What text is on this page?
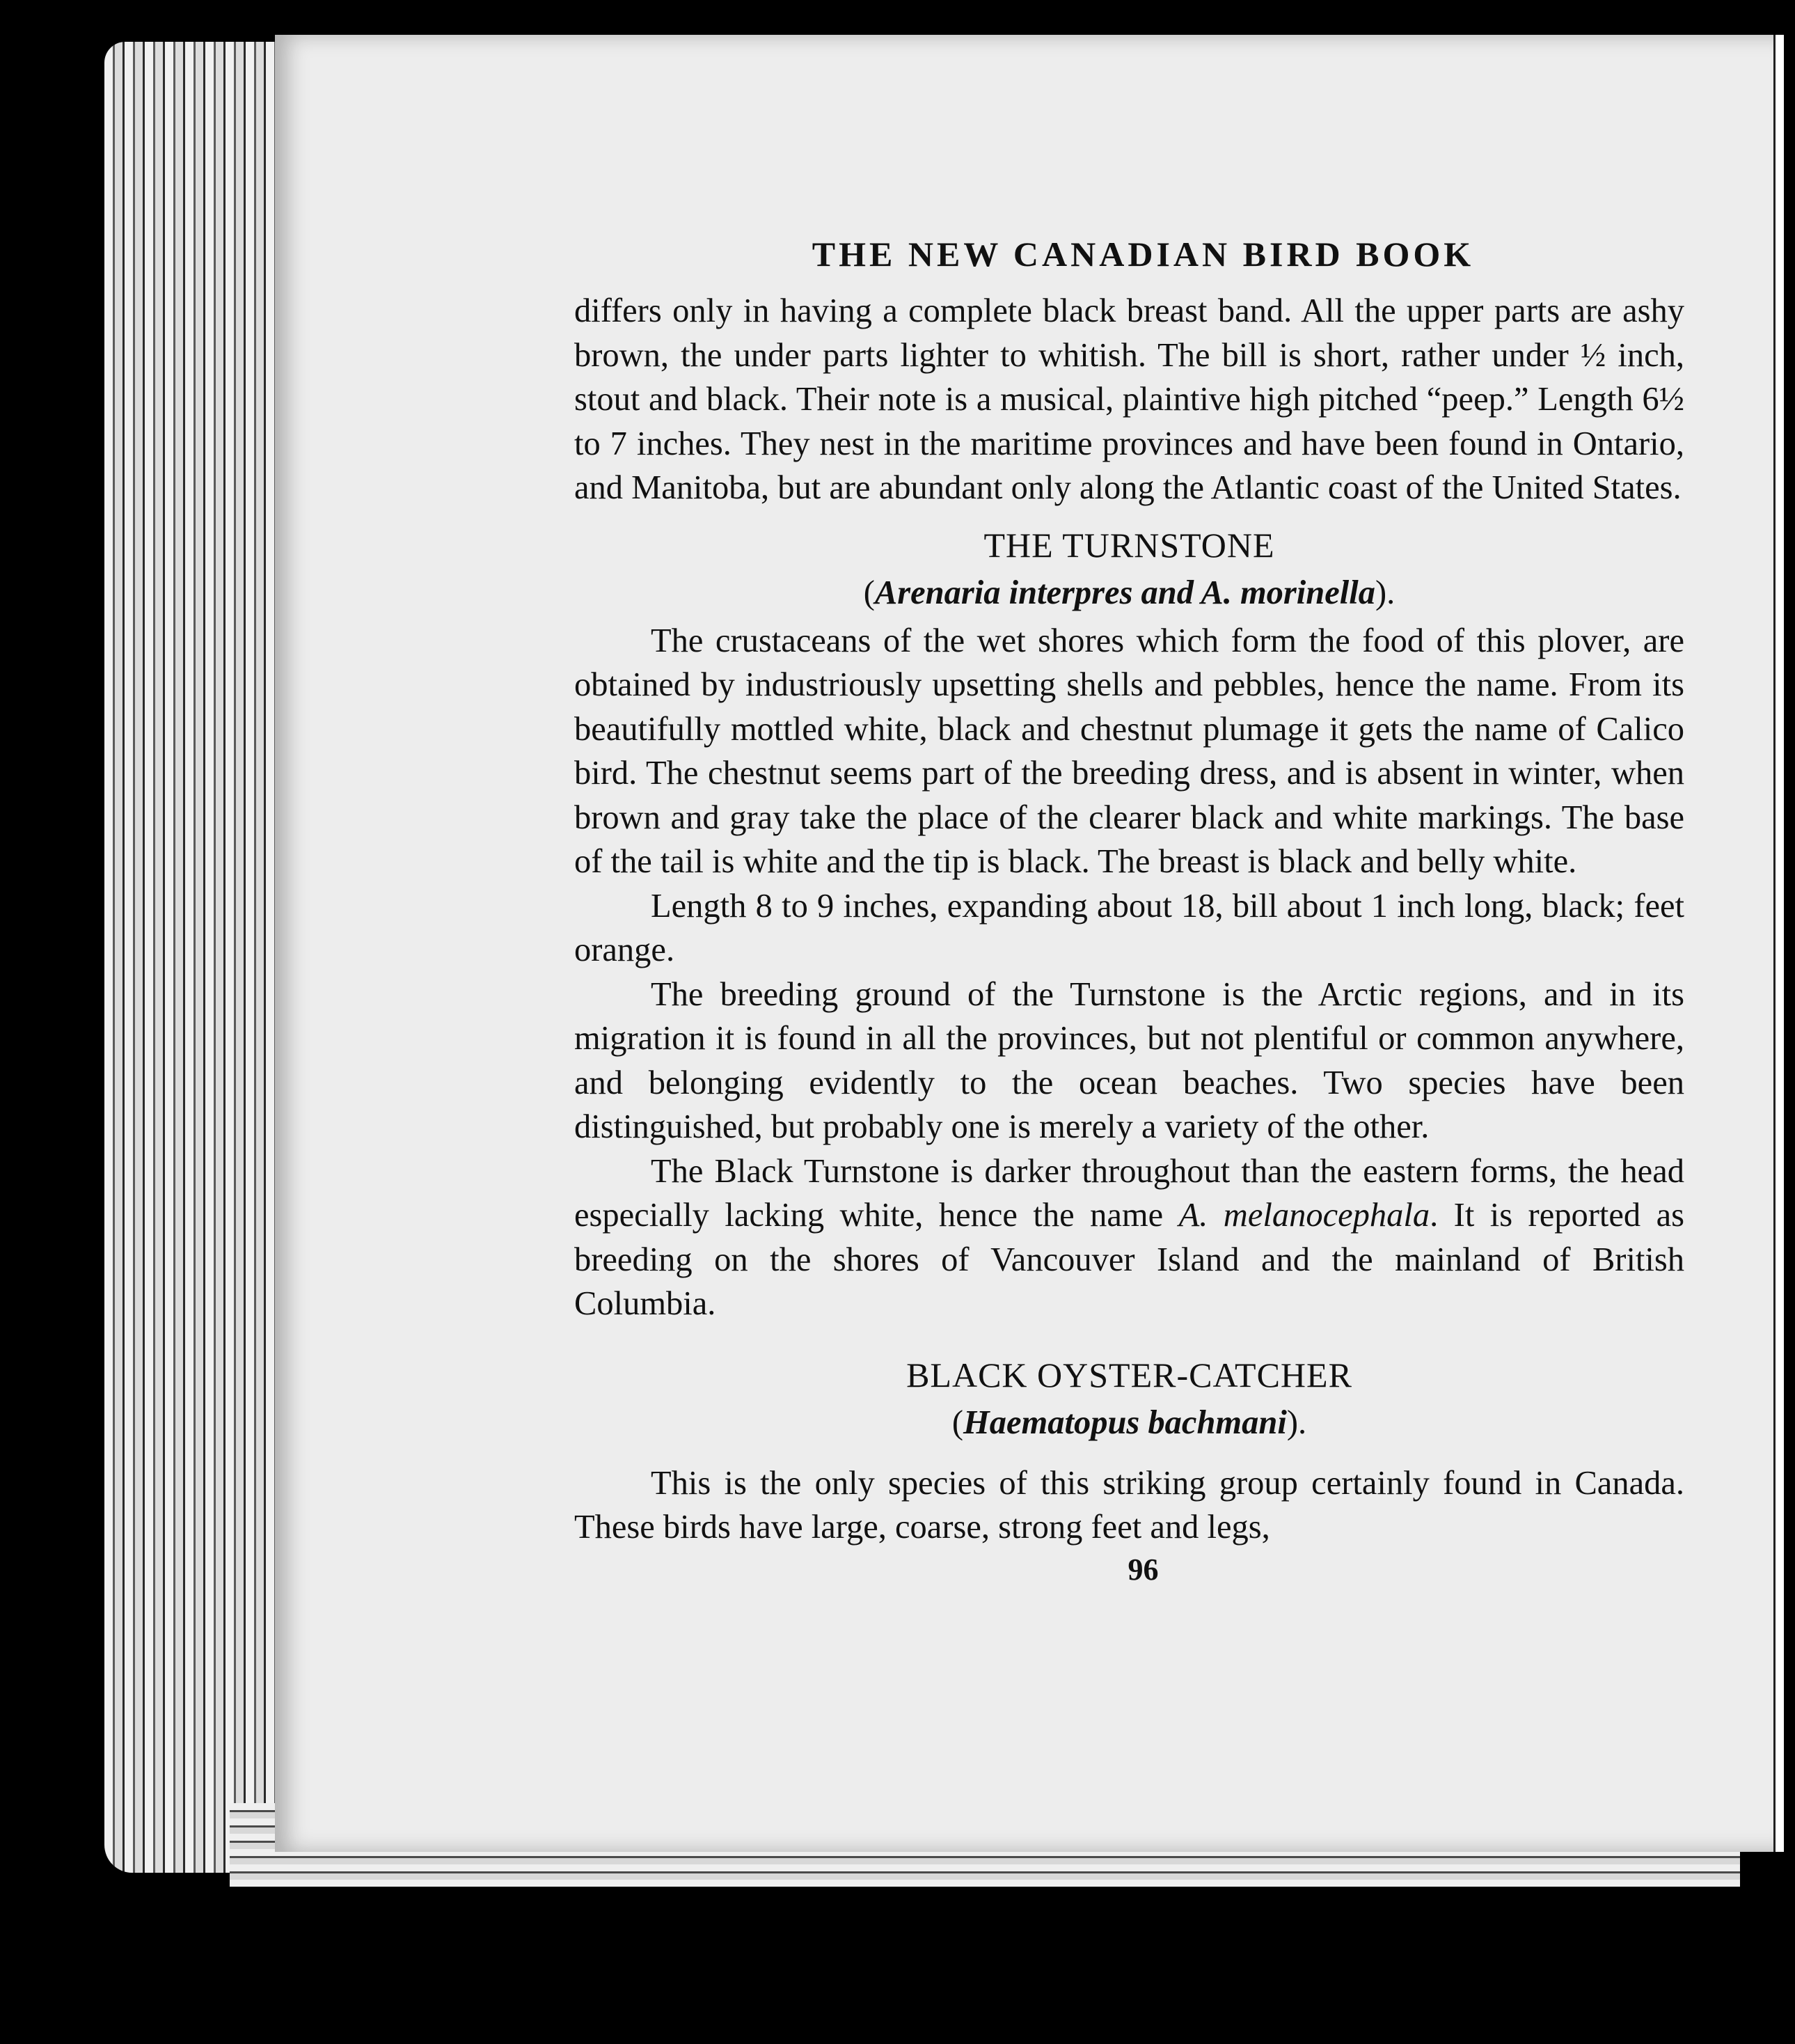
THE NEW CANADIAN BIRD BOOK

differs only in having a complete black breast band. All the upper parts are ashy brown, the under parts lighter to whitish. The bill is short, rather under ½ inch, stout and black. Their note is a musical, plaintive high pitched “peep.” Length 6½ to 7 inches. They nest in the maritime provinces and have been found in Ontario, and Manitoba, but are abundant only along the Atlantic coast of the United States.

THE TURNSTONE
(Arenaria interpres and A. morinella).

The crustaceans of the wet shores which form the food of this plover, are obtained by industriously upsetting shells and pebbles, hence the name. From its beautifully mottled white, black and chestnut plumage it gets the name of Calico bird. The chestnut seems part of the breeding dress, and is absent in winter, when brown and gray take the place of the clearer black and white markings. The base of the tail is white and the tip is black. The breast is black and belly white.

Length 8 to 9 inches, expanding about 18, bill about 1 inch long, black; feet orange.

The breeding ground of the Turnstone is the Arctic regions, and in its migration it is found in all the provinces, but not plentiful or common anywhere, and belonging evidently to the ocean beaches. Two species have been distinguished, but probably one is merely a variety of the other.

The Black Turnstone is darker throughout than the eastern forms, the head especially lacking white, hence the name A. melanocephala. It is reported as breeding on the shores of Vancouver Island and the mainland of British Columbia.

BLACK OYSTER-CATCHER
(Haematopus bachmani).

This is the only species of this striking group certainly found in Canada. These birds have large, coarse, strong feet and legs,

96
